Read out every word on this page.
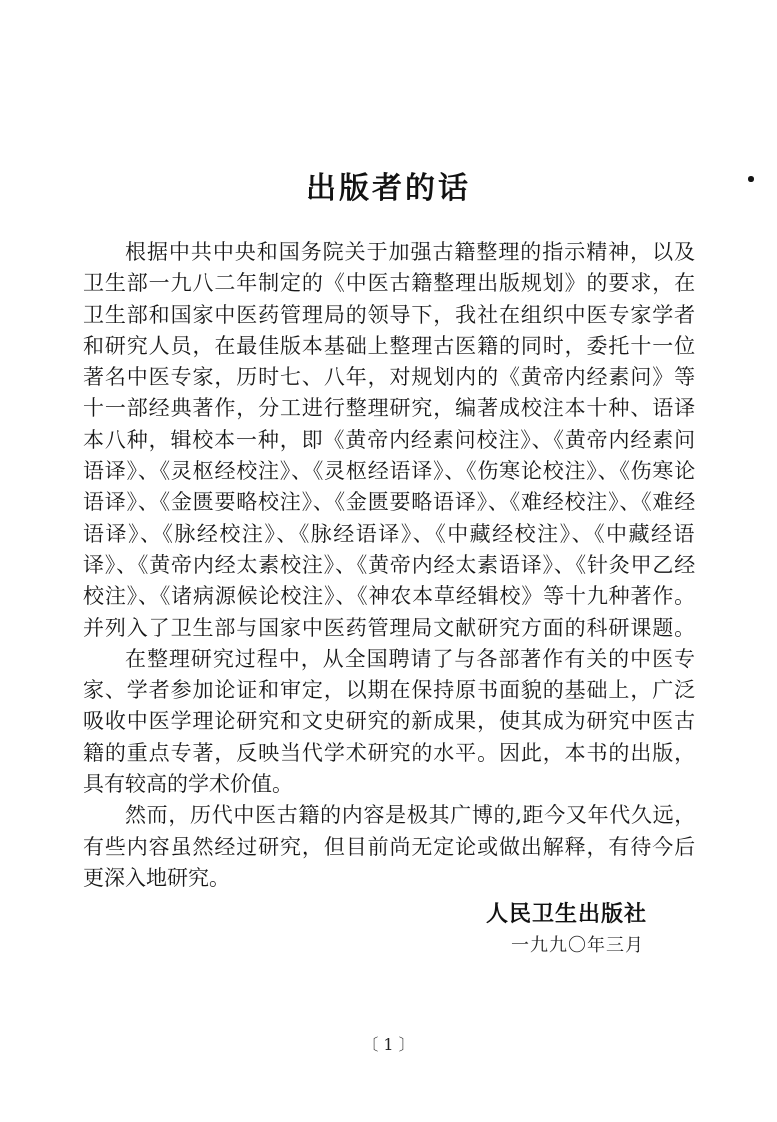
出版者的话
根据中共中央和国务院关于加强古籍整理的指示精神，以及
卫生部一九八二年制定的《中医古籍整理出版规划》的要求，在
卫生部和国家中医药管理局的领导下，我社在组织中医专家学者
和研究人员，在最佳版本基础上整理古医籍的同时，委托十一位
著名中医专家，历时七、八年，对规划内的《黄帝内经素问》等
十一部经典著作，分工进行整理研究，编著成校注本十种、语译
本八种，辑校本一种，即《黄帝内经素问校注》、《黄帝内经素问
语译》、《灵枢经校注》、《灵枢经语译》、《伤寒论校注》、《伤寒论
语译》、《金匮要略校注》、《金匮要略语译》、《难经校注》、《难经
语译》、《脉经校注》、《脉经语译》、《中藏经校注》、《中藏经语
译》、《黄帝内经太素校注》、《黄帝内经太素语译》、《针灸甲乙经
校注》、《诸病源候论校注》、《神农本草经辑校》等十九种著作。
并列入了卫生部与国家中医药管理局文献研究方面的科研课题。
在整理研究过程中，从全国聘请了与各部著作有关的中医专
家、学者参加论证和审定，以期在保持原书面貌的基础上，广泛
吸收中医学理论研究和文史研究的新成果，使其成为研究中医古
籍的重点专著，反映当代学术研究的水平。因此，本书的出版，
具有较高的学术价值。
然而，历代中医古籍的内容是极其广博的,距今又年代久远，
有些内容虽然经过研究，但目前尚无定论或做出解释，有待今后
更深入地研究。
人民卫生出版社
一九九〇年三月
〔 1 〕
